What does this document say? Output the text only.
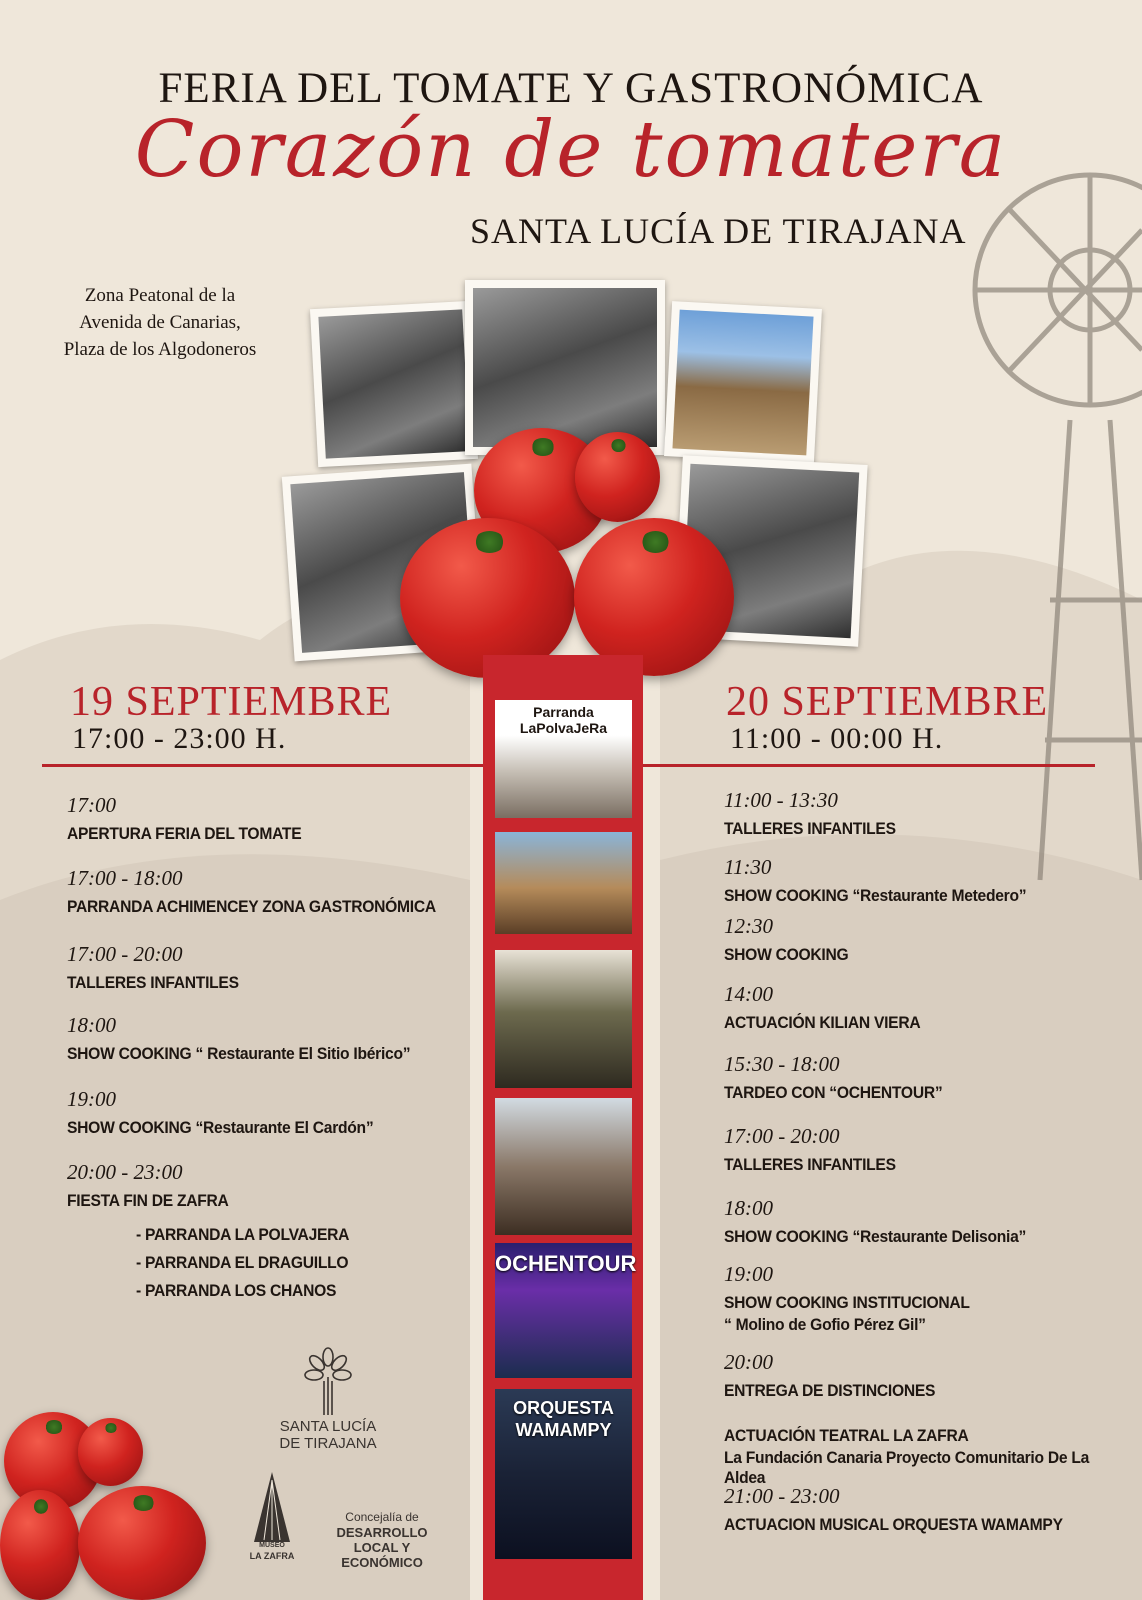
FERIA DEL TOMATE Y GASTRONÓMICA
Corazón de tomatera
SANTA LUCÍA DE TIRAJANA
Zona Peatonal de la
Avenida de Canarias,
Plaza de los Algodoneros
Parranda LaPolvaJeRa
OCHENTOUR
ORQUESTA WAMAMPY
19 SEPTIEMBRE
17:00 - 23:00 H.
17:00
APERTURA FERIA DEL TOMATE
17:00 - 18:00
PARRANDA ACHIMENCEY ZONA GASTRONÓMICA
17:00 - 20:00
TALLERES INFANTILES
18:00
SHOW COOKING “ Restaurante El Sitio Ibérico”
19:00
SHOW COOKING “Restaurante El Cardón”
20:00 - 23:00
FIESTA FIN DE ZAFRA
- PARRANDA LA POLVAJERA
- PARRANDA EL DRAGUILLO
- PARRANDA LOS CHANOS
20 SEPTIEMBRE
11:00 - 00:00 H.
11:00 - 13:30
TALLERES INFANTILES
11:30
SHOW COOKING “Restaurante Metedero”
12:30
SHOW COOKING
14:00
ACTUACIÓN KILIAN VIERA
15:30 - 18:00
TARDEO CON “OCHENTOUR”
17:00 - 20:00
TALLERES INFANTILES
18:00
SHOW COOKING “Restaurante Delisonia”
19:00
SHOW COOKING INSTITUCIONAL
“ Molino de Gofio Pérez Gil”
20:00
ENTREGA DE DISTINCIONES
ACTUACIÓN TEATRAL LA ZAFRA
La Fundación Canaria Proyecto Comunitario De La Aldea
21:00 - 23:00
ACTUACION MUSICAL ORQUESTA WAMAMPY
SANTA LUCÍA
DE TIRAJANA
MUSEO
LA ZAFRA
Concejalía de
DESARROLLO
LOCAL Y
ECONÓMICO
